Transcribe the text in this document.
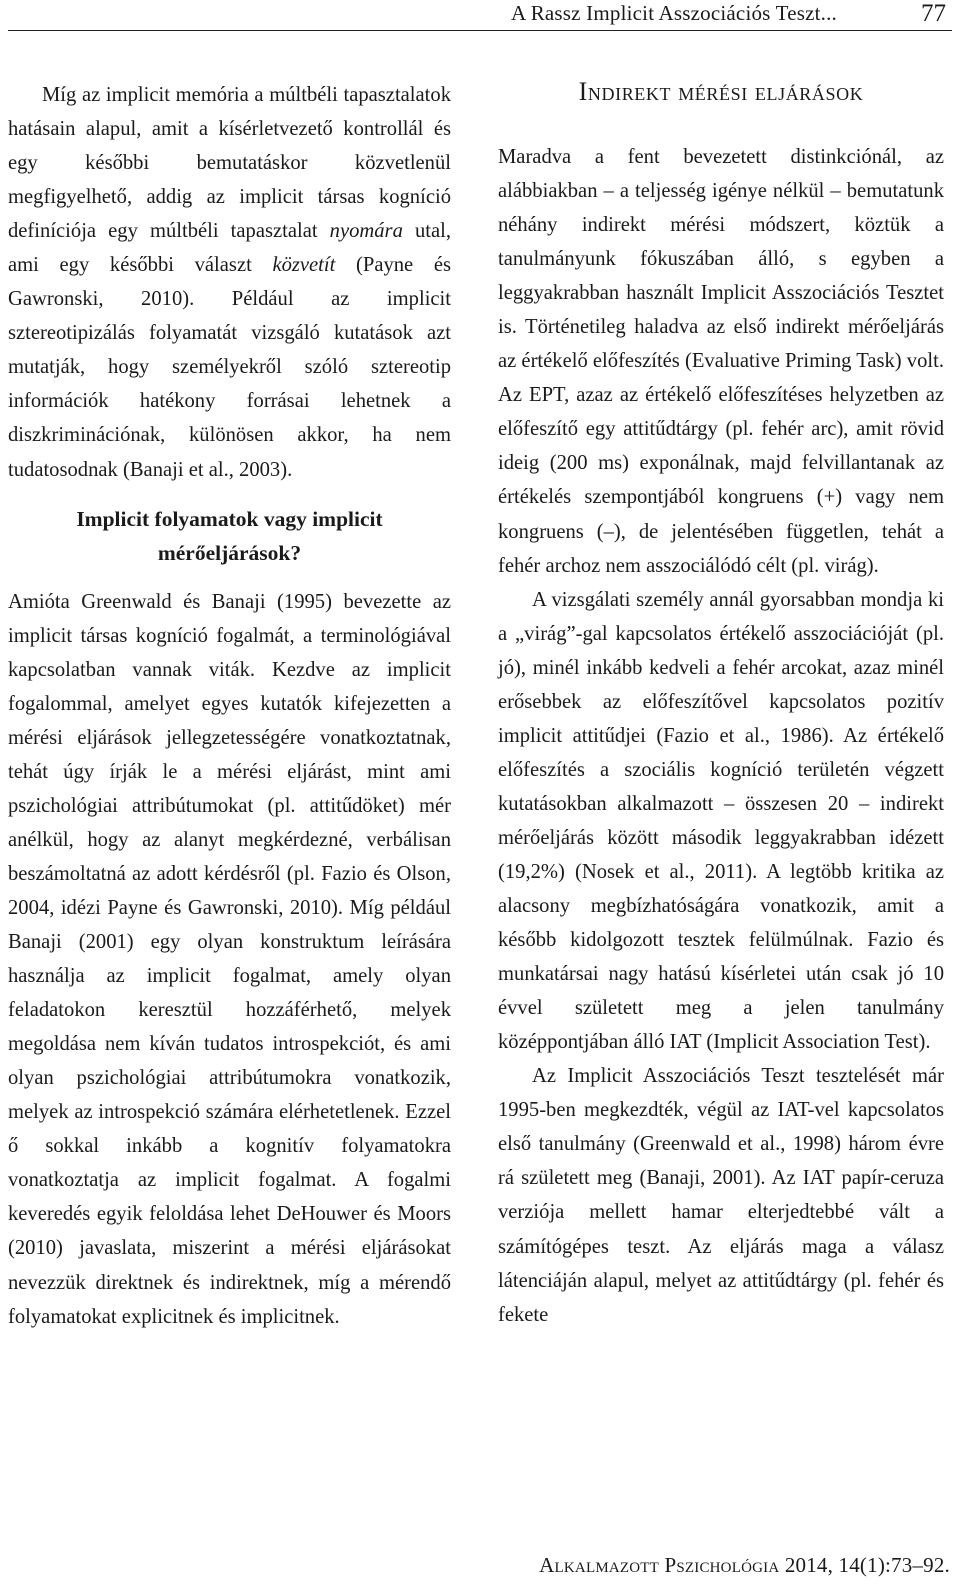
A Rassz Implicit Asszociációs Teszt...	77

Míg az implicit memória a múltbéli tapasztalatok hatásain alapul, amit a kísérletvezető kontrollál és egy későbbi bemutatáskor közvetlenül megfigyelhető, addig az implicit társas kogníció definíciója egy múltbéli tapasztalat nyomára utal, ami egy későbbi választ közvetít (Payne és Gawronski, 2010). Például az implicit sztereotipizálás folyamatát vizsgáló kutatások azt mutatják, hogy személyekről szóló sztereotip információk hatékony forrásai lehetnek a diszkriminációnak, különösen akkor, ha nem tudatosodnak (Banaji et al., 2003).

Implicit folyamatok vagy implicit mérőeljárások?

Amióta Greenwald és Banaji (1995) bevezette az implicit társas kogníció fogalmát, a terminológiával kapcsolatban vannak viták. Kezdve az implicit fogalommal, amelyet egyes kutatók kifejezetten a mérési eljárások jellegzetességére vonatkoztatnak, tehát úgy írják le a mérési eljárást, mint ami pszichológiai attribútumokat (pl. attitűdöket) mér anélkül, hogy az alanyt megkérdezné, verbálisan beszámoltatná az adott kérdésről (pl. Fazio és Olson, 2004, idézi Payne és Gawronski, 2010). Míg például Banaji (2001) egy olyan konstruktum leírására használja az implicit fogalmat, amely olyan feladatokon keresztül hozzáférhető, melyek megoldása nem kíván tudatos introspekciót, és ami olyan pszichológiai attribútumokra vonatkozik, melyek az introspekció számára elérhetetlenek. Ezzel ő sokkal inkább a kognitív folyamatokra vonatkoztatja az implicit fogalmat. A fogalmi keveredés egyik feloldása lehet DeHouwer és Moors (2010) javaslata, miszerint a mérési eljárásokat nevezzük direktnek és indirektnek, míg a mérendő folyamatokat explicitnek és implicitnek.

Indirekt mérési eljárások

Maradva a fent bevezetett distinkciónál, az alábbiakban – a teljesség igénye nélkül – bemutatunk néhány indirekt mérési módszert, köztük a tanulmányunk fókuszában álló, s egyben a leggyakrabban használt Implicit Asszociációs Tesztet is. Történetileg haladva az első indirekt mérőeljárás az értékelő előfeszítés (Evaluative Priming Task) volt. Az EPT, azaz az értékelő előfeszítéses helyzetben az előfeszítő egy attitűdtárgy (pl. fehér arc), amit rövid ideig (200 ms) exponálnak, majd felvillantanak az értékelés szempontjából kongruens (+) vagy nem kongruens (–), de jelentésében független, tehát a fehér archoz nem asszociálódó célt (pl. virág).

A vizsgálati személy annál gyorsabban mondja ki a „virág”-gal kapcsolatos értékelő asszociációját (pl. jó), minél inkább kedveli a fehér arcokat, azaz minél erősebbek az előfeszítővel kapcsolatos pozitív implicit attitűdjei (Fazio et al., 1986). Az értékelő előfeszítés a szociális kogníció területén végzett kutatásokban alkalmazott – összesen 20 – indirekt mérőeljárás között második leggyakrabban idézett (19,2%) (Nosek et al., 2011). A legtöbb kritika az alacsony megbízhatóságára vonatkozik, amit a később kidolgozott tesztek felülmúlnak. Fazio és munkatársai nagy hatású kísérletei után csak jó 10 évvel született meg a jelen tanulmány középpontjában álló IAT (Implicit Association Test).

Az Implicit Asszociációs Teszt tesztelését már 1995-ben megkezdték, végül az IAT-vel kapcsolatos első tanulmány (Greenwald et al., 1998) három évre rá született meg (Banaji, 2001). Az IAT papír-ceruza verziója mellett hamar elterjedtebbé vált a számítógépes teszt. Az eljárás maga a válasz látenciáján alapul, melyet az attitűdtárgy (pl. fehér és fekete

Alkalmazott Pszichológia 2014, 14(1):73–92.
